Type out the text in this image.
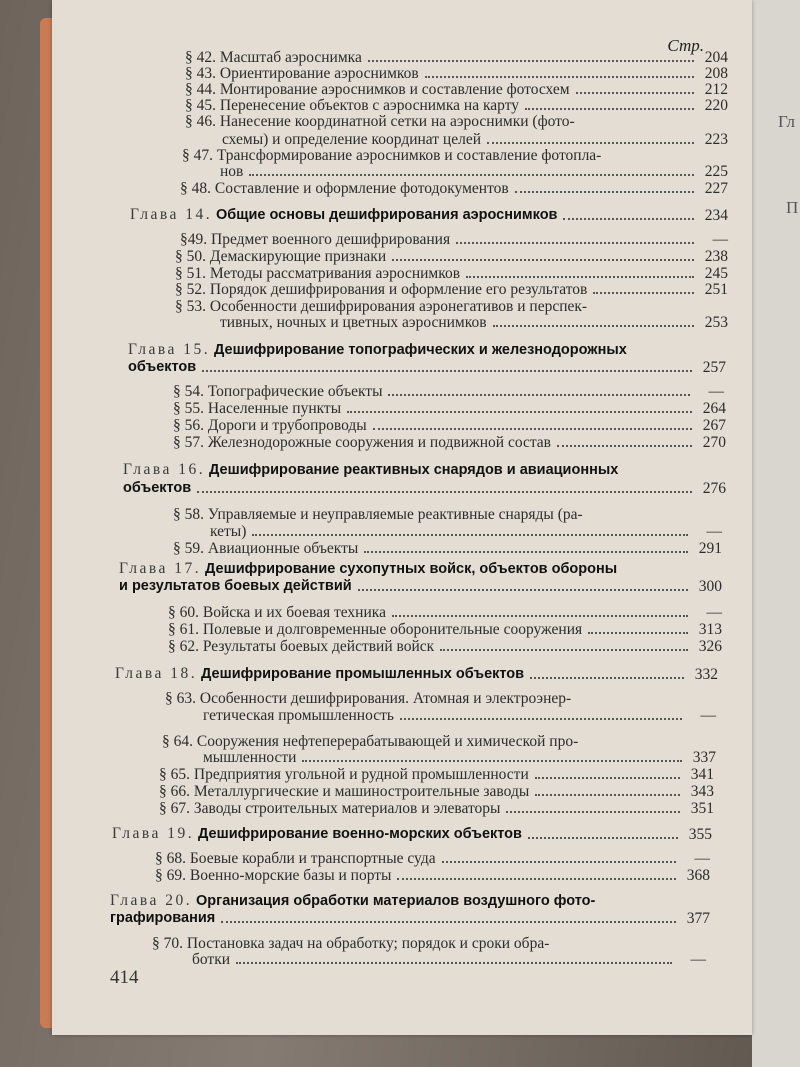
Гл
П
Стр.
§ 42. Масштаб аэроснимка	204
§ 43. Ориентирование аэроснимков	208
§ 44. Монтирование аэроснимков и составление фотосхем	212
§ 45. Перенесение объектов с аэроснимка на карту	220
§ 46. Нанесение координатной сетки на аэроснимки (фото-
схемы) и определение координат целей	223
§ 47. Трансформирование аэроснимков и составление фотопла-
нов	225
§ 48. Составление и оформление фотодокументов	227
Глава 14. Общие основы дешифрирования аэроснимков	234
§49. Предмет военного дешифрирования	—
§ 50. Демаскирующие признаки	238
§ 51. Методы рассматривания аэроснимков	245
§ 52. Порядок дешифрирования и оформление его результатов	251
§ 53. Особенности дешифрирования аэронегативов и перспек-
тивных, ночных и цветных аэроснимков	253
Глава 15. Дешифрирование топографических и железнодорожных
объектов	257
§ 54. Топографические объекты	—
§ 55. Населенные пункты	264
§ 56. Дороги и трубопроводы	267
§ 57. Железнодорожные сооружения и подвижной состав	270
Глава 16. Дешифрирование реактивных снарядов и авиационных
объектов	276
§ 58. Управляемые и неуправляемые реактивные снаряды (ра-
кеты)	—
§ 59. Авиационные объекты	291
Глава 17. Дешифрирование сухопутных войск, объектов обороны
и результатов боевых действий	300
§ 60. Войска и их боевая техника	—
§ 61. Полевые и долговременные оборонительные сооружения	313
§ 62. Результаты боевых действий войск	326
Глава 18. Дешифрирование промышленных объектов	332
§ 63. Особенности дешифрирования. Атомная и электроэнер-
гетическая промышленность	—
§ 64. Сооружения нефтеперерабатывающей и химической про-
мышленности	337
§ 65. Предприятия угольной и рудной промышленности	341
§ 66. Металлургические и машиностроительные заводы	343
§ 67. Заводы строительных материалов и элеваторы	351
Глава 19. Дешифрирование военно-морских объектов	355
§ 68. Боевые корабли и транспортные суда	—
§ 69. Военно-морские базы и порты	368
Глава 20. Организация обработки материалов воздушного фото-
графирования	377
§ 70. Постановка задач на обработку; порядок и сроки обра-
ботки	—
414
